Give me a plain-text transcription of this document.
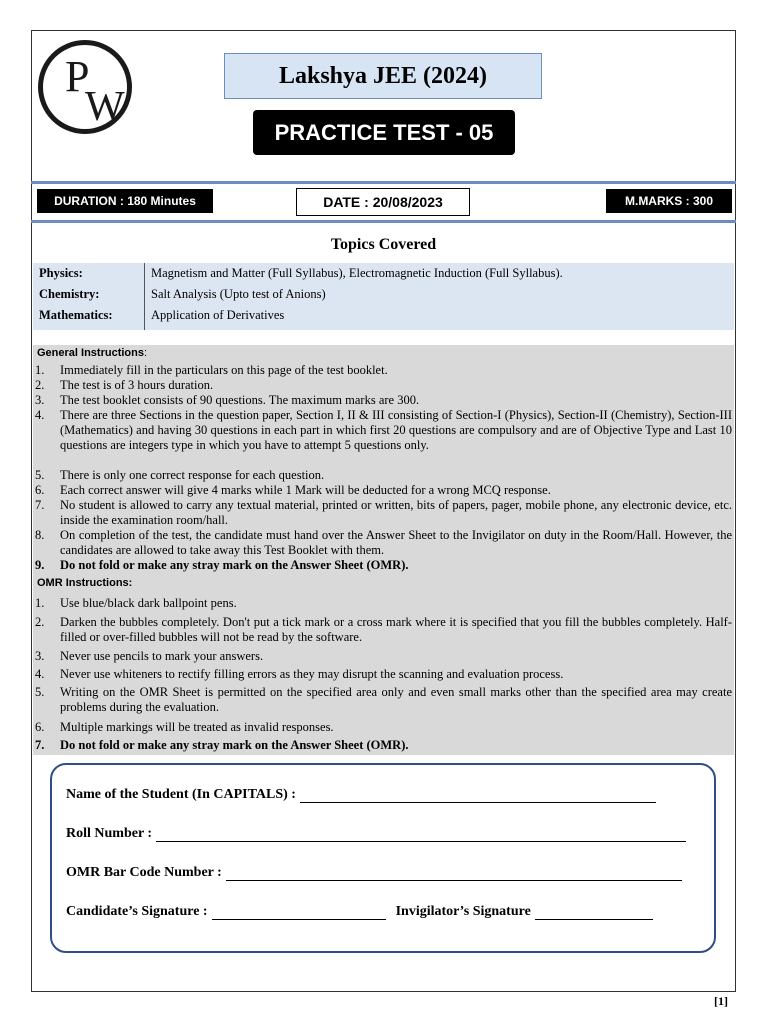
P
W
Lakshya JEE (2024)
PRACTICE TEST - 05
DURATION : 180 Minutes	DATE : 20/08/2023	M.MARKS : 300
Topics Covered
Physics:	Magnetism and Matter (Full Syllabus), Electromagnetic Induction (Full Syllabus).
Chemistry:	Salt Analysis (Upto test of Anions)
Mathematics:	Application of Derivatives
General Instructions:
1.	Immediately fill in the particulars on this page of the test booklet.
2.	The test is of 3 hours duration.
3.	The test booklet consists of 90 questions. The maximum marks are 300.
4.	There are three Sections in the question paper, Section I, II & III consisting of Section-I (Physics), Section-II (Chemistry), Section-III (Mathematics) and having 30 questions in each part in which first 20 questions are compulsory and are of Objective Type and Last 10 questions are integers type in which you have to attempt 5 questions only.
5.	There is only one correct response for each question.
6.	Each correct answer will give 4 marks while 1 Mark will be deducted for a wrong MCQ response.
7.	No student is allowed to carry any textual material, printed or written, bits of papers, pager, mobile phone, any electronic device, etc. inside the examination room/hall.
8.	On completion of the test, the candidate must hand over the Answer Sheet to the Invigilator on duty in the Room/Hall. However, the candidates are allowed to take away this Test Booklet with them.
9.	Do not fold or make any stray mark on the Answer Sheet (OMR).
OMR Instructions:
1.	Use blue/black dark ballpoint pens.
2.	Darken the bubbles completely. Don't put a tick mark or a cross mark where it is specified that you fill the bubbles completely. Half-filled or over-filled bubbles will not be read by the software.
3.	Never use pencils to mark your answers.
4.	Never use whiteners to rectify filling errors as they may disrupt the scanning and evaluation process.
5.	Writing on the OMR Sheet is permitted on the specified area only and even small marks other than the specified area may create problems during the evaluation.
6.	Multiple markings will be treated as invalid responses.
7.	Do not fold or make any stray mark on the Answer Sheet (OMR).
Name of the Student (In CAPITALS) :
Roll Number :
OMR Bar Code Number :
Candidate’s Signature :	Invigilator’s Signature
[1]
